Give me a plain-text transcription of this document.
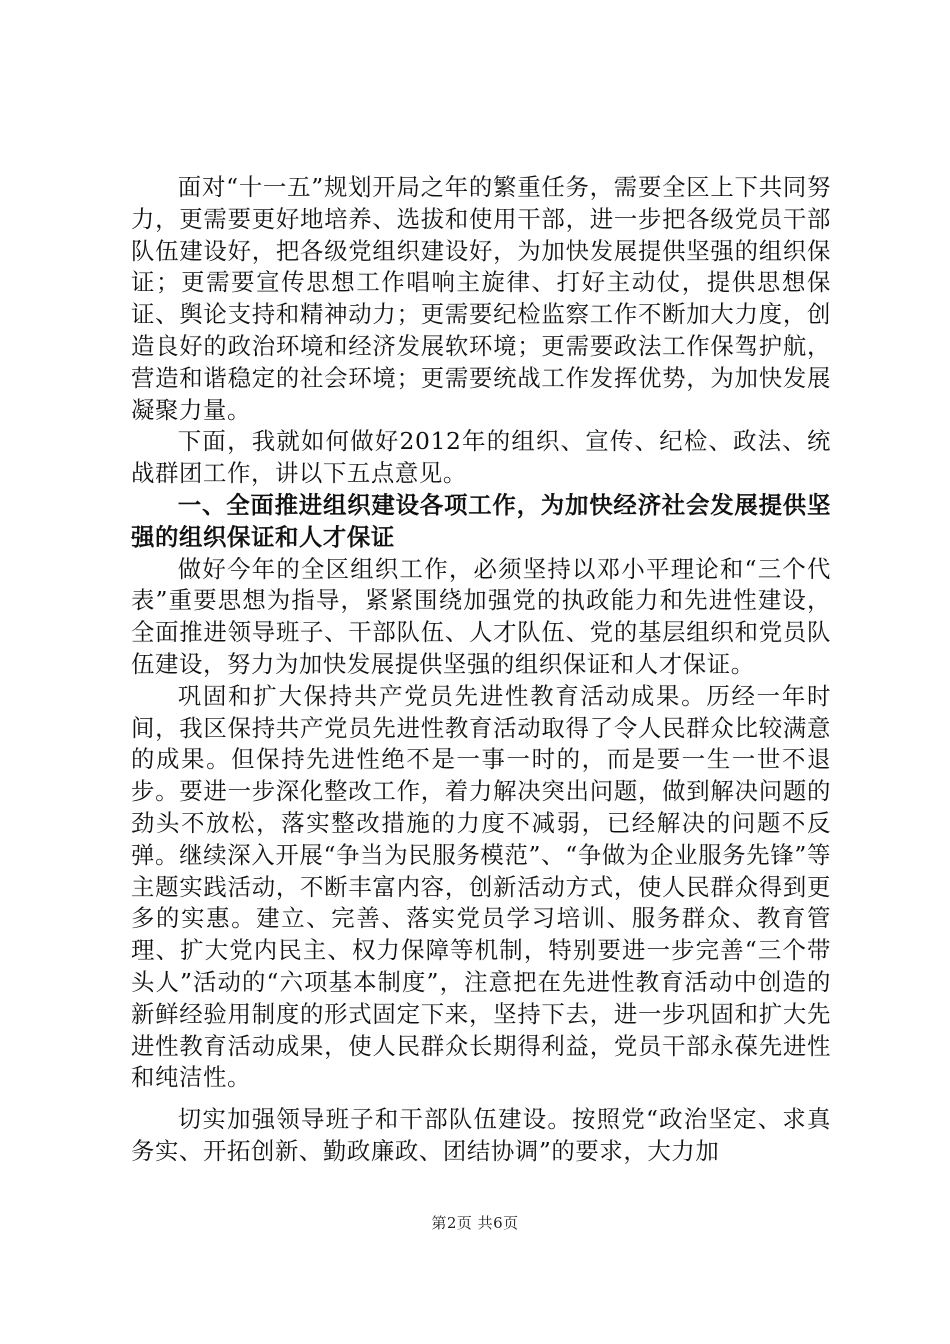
面对“十一五”规划开局之年的繁重任务，需要全区上下共同努力，更需要更好地培养、选拔和使用干部，进一步把各级党员干部队伍建设好，把各级党组织建设好，为加快发展提供坚强的组织保证；更需要宣传思想工作唱响主旋律、打好主动仗，提供思想保证、舆论支持和精神动力；更需要纪检监察工作不断加大力度，创造良好的政治环境和经济发展软环境；更需要政法工作保驾护航，营造和谐稳定的社会环境；更需要统战工作发挥优势，为加快发展凝聚力量。

下面，我就如何做好2012年的组织、宣传、纪检、政法、统战群团工作，讲以下五点意见。

一、全面推进组织建设各项工作，为加快经济社会发展提供坚强的组织保证和人才保证

做好今年的全区组织工作，必须坚持以邓小平理论和“三个代表”重要思想为指导，紧紧围绕加强党的执政能力和先进性建设，全面推进领导班子、干部队伍、人才队伍、党的基层组织和党员队伍建设，努力为加快发展提供坚强的组织保证和人才保证。

巩固和扩大保持共产党员先进性教育活动成果。历经一年时间，我区保持共产党员先进性教育活动取得了令人民群众比较满意的成果。但保持先进性绝不是一事一时的，而是要一生一世不退步。要进一步深化整改工作，着力解决突出问题，做到解决问题的劲头不放松，落实整改措施的力度不减弱，已经解决的问题不反弹。继续深入开展“争当为民服务模范”、“争做为企业服务先锋”等主题实践活动，不断丰富内容，创新活动方式，使人民群众得到更多的实惠。建立、完善、落实党员学习培训、服务群众、教育管理、扩大党内民主、权力保障等机制，特别要进一步完善“三个带头人”活动的“六项基本制度”，注意把在先进性教育活动中创造的新鲜经验用制度的形式固定下来，坚持下去，进一步巩固和扩大先进性教育活动成果，使人民群众长期得利益，党员干部永葆先进性和纯洁性。

切实加强领导班子和干部队伍建设。按照党“政治坚定、求真务实、开拓创新、勤政廉政、团结协调”的要求，大力加

第2页 共6页
